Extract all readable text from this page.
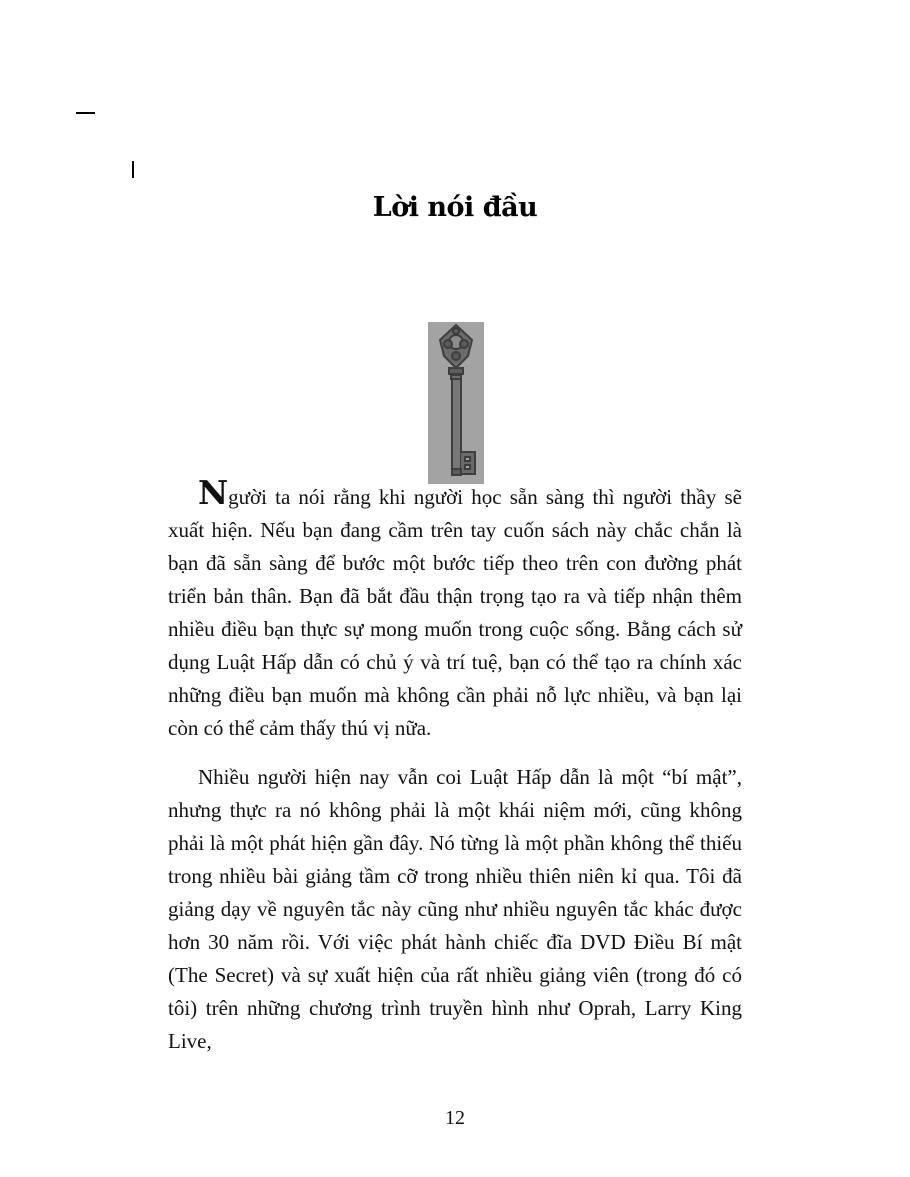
Lời nói đầu

Người ta nói rằng khi người học sẵn sàng thì người thầy sẽ xuất hiện. Nếu bạn đang cầm trên tay cuốn sách này chắc chắn là bạn đã sẵn sàng để bước một bước tiếp theo trên con đường phát triển bản thân. Bạn đã bắt đầu thận trọng tạo ra và tiếp nhận thêm nhiều điều bạn thực sự mong muốn trong cuộc sống. Bằng cách sử dụng Luật Hấp dẫn có chủ ý và trí tuệ, bạn có thể tạo ra chính xác những điều bạn muốn mà không cần phải nỗ lực nhiều, và bạn lại còn có thể cảm thấy thú vị nữa.

Nhiều người hiện nay vẫn coi Luật Hấp dẫn là một “bí mật”, nhưng thực ra nó không phải là một khái niệm mới, cũng không phải là một phát hiện gần đây. Nó từng là một phần không thể thiếu trong nhiều bài giảng tầm cỡ trong nhiều thiên niên kỉ qua. Tôi đã giảng dạy về nguyên tắc này cũng như nhiều nguyên tắc khác được hơn 30 năm rồi. Với việc phát hành chiếc đĩa DVD Điều Bí mật (The Secret) và sự xuất hiện của rất nhiều giảng viên (trong đó có tôi) trên những chương trình truyền hình như Oprah, Larry King Live,

12
